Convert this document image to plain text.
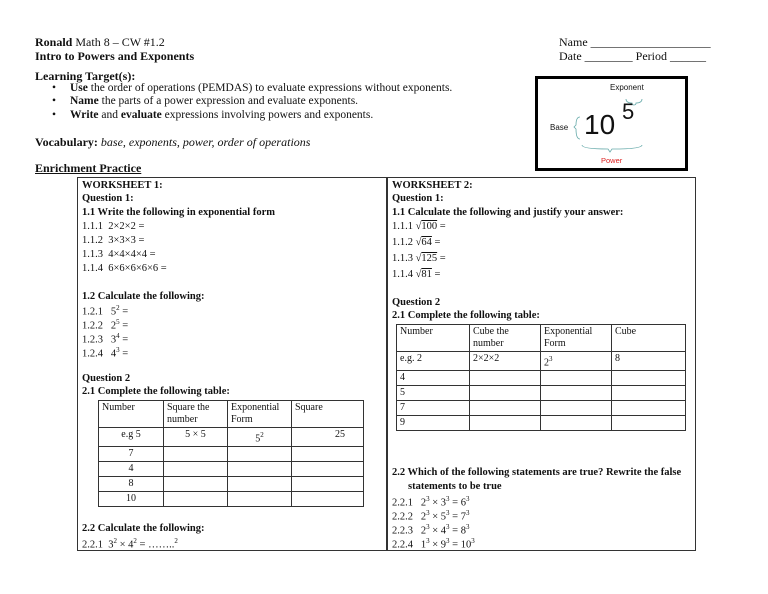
Ronald Math 8 – CW #1.2
Intro to Powers and Exponents
Name ____________________
Date ________ Period ______
Learning Target(s):
• Use the order of operations (PEMDAS) to evaluate expressions without exponents.
• Name the parts of a power expression and evaluate exponents.
• Write and evaluate expressions involving powers and exponents.
Vocabulary: base, exponents, power, order of operations
Enrichment Practice
Exponent
Base 10 5
Power
WORKSHEET 1:
Question 1:
1.1 Write the following in exponential form
1.1.1 2×2×2 =
1.1.2 3×3×3 =
1.1.3 4×4×4×4 =
1.1.4 6×6×6×6×6 =
1.2 Calculate the following:
1.2.1 $5^2$ =
1.2.2 $2^5$ =
1.2.3 $3^4$ =
1.2.4 $4^3$ =
Question 2
2.1 Complete the following table:
Number	Square the number	Exponential Form	Square
e.g 5	5 × 5	$5^2$	25
7			
4			
8			
10			
2.2 Calculate the following:
2.2.1 $3^2 \times 4^2$ = ……..$^2$
WORKSHEET 2:
Question 1:
1.1 Calculate the following and justify your answer:
1.1.1 √100 =
1.1.2 √64 =
1.1.3 √125 =
1.1.4 √81 =
Question 2
2.1 Complete the following table:
Number	Cube the number	Exponential Form	Cube
e.g. 2	2×2×2	$2^3$	8
4			
5			
7			
9			
2.2 Which of the following statements are true? Rewrite the false
statements to be true
2.2.1 $2^3 \times 3^3 = 6^3$
2.2.2 $2^3 \times 5^3 = 7^3$
2.2.3 $2^3 \times 4^3 = 8^3$
2.2.4 $1^3 \times 9^3 = 10^3$
